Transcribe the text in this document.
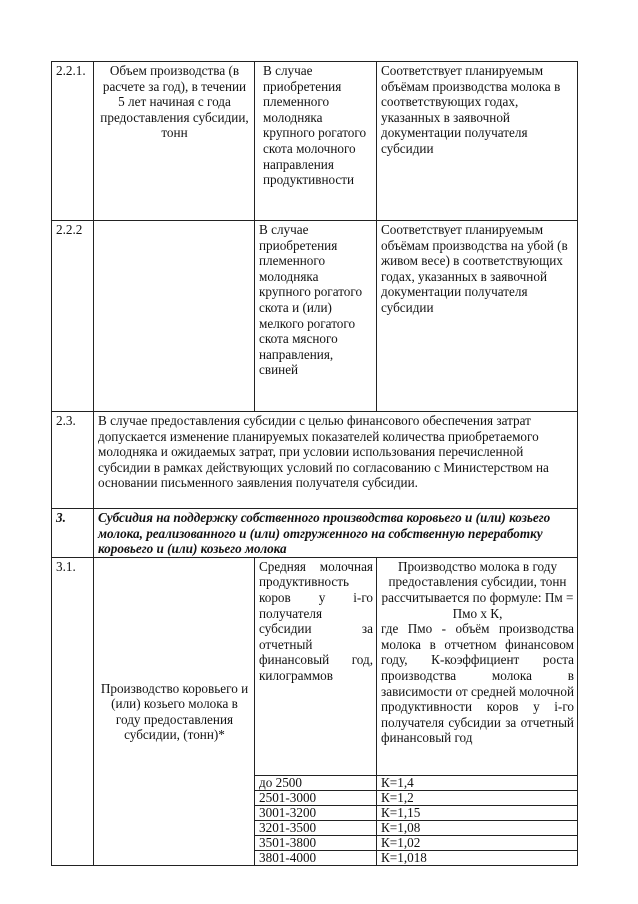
2.2.1.	Объем производства (в расчете за год), в течении 5 лет начиная с года предоставления субсидии, тонн	В случае приобретения племенного молодняка крупного рогатого скота молочного направления продуктивности	Соответствует планируемым объёмам производства молока в соответствующих годах, указанных в заявочной документации получателя субсидии
2.2.2		В случае приобретения племенного молодняка крупного рогатого скота и (или) мелкого рогатого скота мясного направления, свиней	Соответствует планируемым объёмам производства на убой (в живом весе) в соответствующих годах, указанных в заявочной документации получателя субсидии
2.3.	В случае предоставления субсидии с целью финансового обеспечения затрат допускается изменение планируемых показателей количества приобретаемого молодняка и ожидаемых затрат, при условии использования перечисленной субсидии в рамках действующих условий по согласованию с Министерством на основании письменного заявления получателя субсидии.		
3.	Субсидия на поддержку собственного производства коровьего и (или) козьего молока, реализованного и (или) отгруженного на собственную переработку коровьего и (или) козьего молока		
3.1.	Производство коровьего и (или) козьего молока в году предоставления субсидии, (тонн)*	Средняя молочная продуктивность коров у i-го получателя субсидии за отчетный финансовый год, килограммов	Производство молока в году предоставления субсидии, тонн рассчитывается по формуле: Пм = Пмо х К,
где Пмо - объём производства молока в отчетном финансовом году, К-коэффициент роста производства молока в зависимости от средней молочной продуктивности коров у i-го получателя субсидии за отчетный финансовый год

		до 2500	К=1,4
		2501-3000	К=1,2
		3001-3200	К=1,15
		3201-3500	К=1,08
		3501-3800	К=1,02
		3801-4000	К=1,018
